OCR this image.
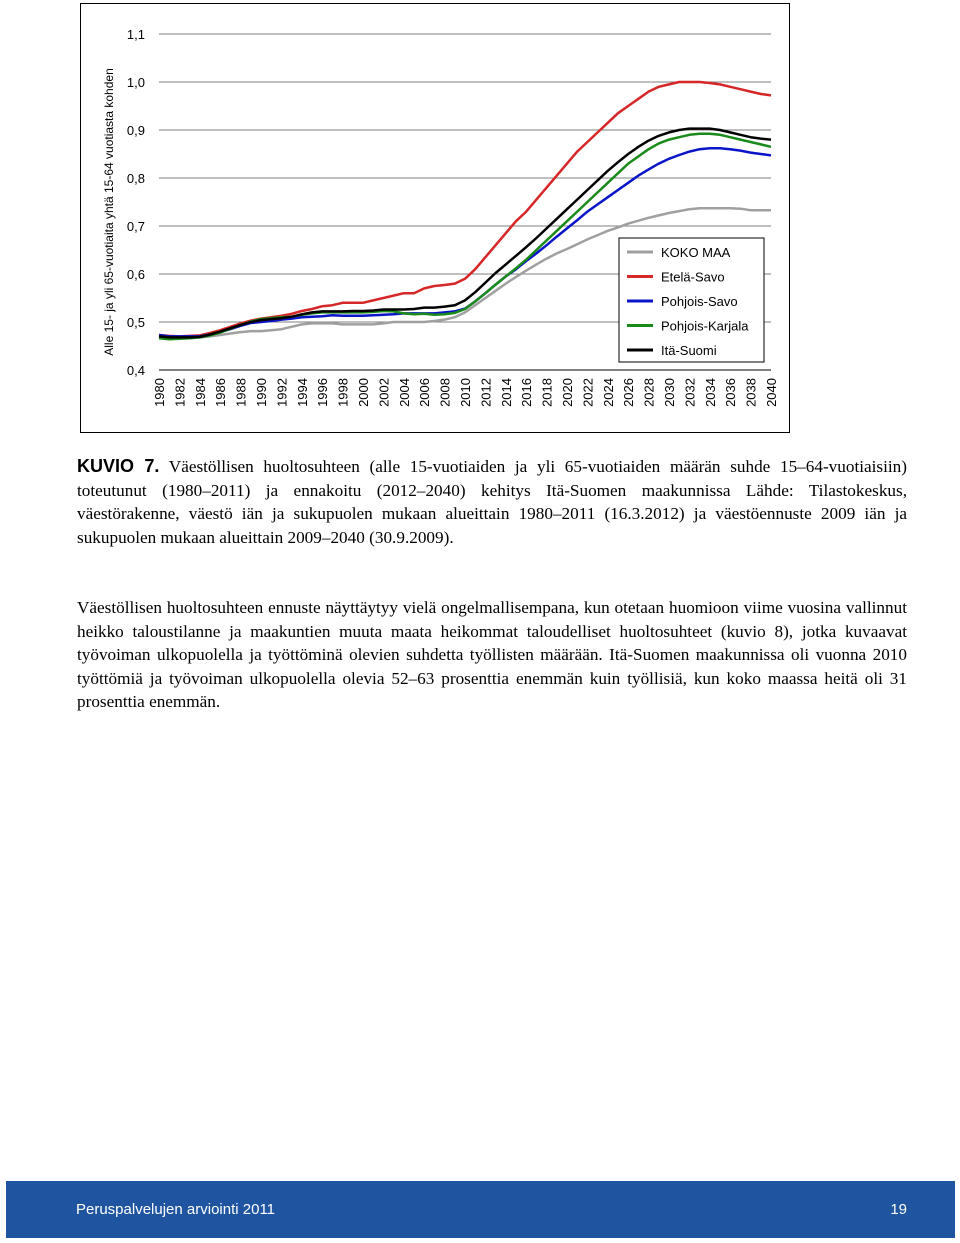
0,4
0,5
0,6
0,7
0,8
0,9
1,0
1,1
1980 1982 1984 1986 1988 1990 1992 1994 1996 1998 2000 2002 2004 2006 2008 2010 2012 2014 2016 2018 2020 2022 2024 2026 2028 2030 2032 2034 2036 2038 2040
Alle 15- ja yli 65-vuotiaita yhtä 15-64 vuotiasta kohden	KOKO MAA
Etelä-Savo
Pohjois-Savo
Pohjois-Karjala
Itä-Suomi
KUVIO 7. Väestöllisen huoltosuhteen (alle 15-vuotiaiden ja yli 65-vuotiaiden määrän suhde 15–64-vuotiaisiin) toteutunut (1980–2011) ja ennakoitu (2012–2040) kehitys Itä-Suomen maakunnissa Lähde: Tilastokeskus, väestörakenne, väestö iän ja sukupuolen mukaan alueittain 1980–2011 (16.3.2012) ja väestöennuste 2009 iän ja sukupuolen mukaan alueittain 2009–2040 (30.9.2009).
Väestöllisen huoltosuhteen ennuste näyttäytyy vielä ongelmallisempana, kun otetaan huomioon viime vuosina vallinnut heikko taloustilanne ja maakuntien muuta maata heikommat taloudelliset huoltosuhteet (kuvio 8), jotka kuvaavat työvoiman ulkopuolella ja työttöminä olevien suhdetta työllisten määrään. Itä-Suomen maakunnissa oli vuonna 2010 työttömiä ja työvoiman ulkopuolella olevia 52–63 prosenttia enemmän kuin työllisiä, kun koko maassa heitä oli 31 prosenttia enemmän.
Peruspalvelujen arviointi 2011	19
